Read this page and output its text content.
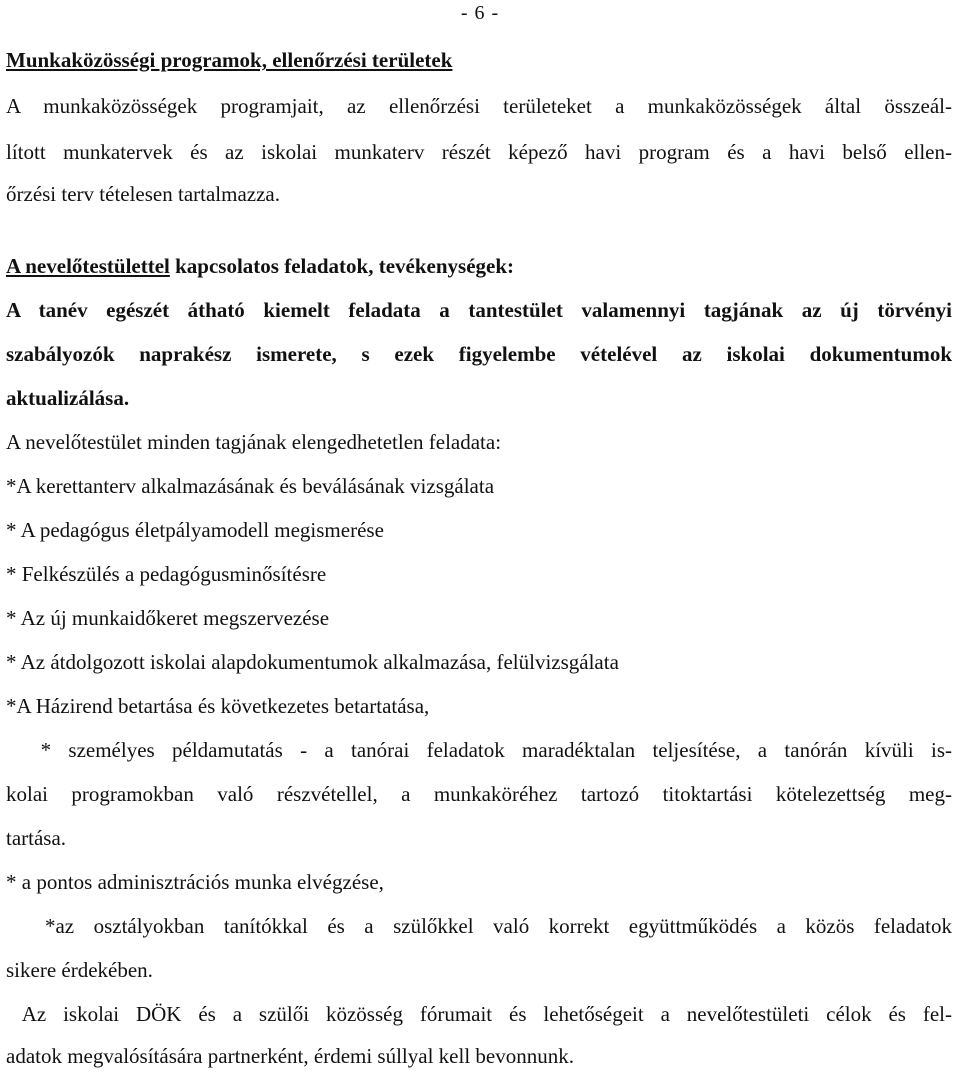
- 6 -
Munkaközösségi programok, ellenőrzési területek
A munkaközösségek programjait, az ellenőrzési területeket a munkaközösségek által összeál-
lított munkatervek és az iskolai munkaterv részét képező havi program és a havi belső ellen-
őrzési terv tételesen tartalmazza.
A nevelőtestülettel kapcsolatos feladatok, tevékenységek:
A tanév egészét átható kiemelt feladata a tantestület valamennyi tagjának az új törvényi
szabályozók naprakész ismerete, s ezek figyelembe vételével az iskolai dokumentumok
aktualizálása.
A nevelőtestület minden tagjának elengedhetetlen feladata:
*A kerettanterv alkalmazásának és beválásának vizsgálata
* A pedagógus életpályamodell megismerése
* Felkészülés a pedagógusminősítésre
* Az új munkaidőkeret megszervezése
* Az átdolgozott iskolai alapdokumentumok alkalmazása, felülvizsgálata
*A Házirend betartása és következetes betartatása,
* személyes példamutatás - a tanórai feladatok maradéktalan teljesítése, a tanórán kívüli is-
kolai programokban való részvétellel, a munkaköréhez tartozó titoktartási kötelezettség meg-
tartása.
* a pontos adminisztrációs munka elvégzése,
*az osztályokban tanítókkal és a szülőkkel való korrekt együttműködés a közös feladatok
sikere érdekében.
Az iskolai DÖK és a szülői közösség fórumait és lehetőségeit a nevelőtestületi célok és fel-
adatok megvalósítására partnerként, érdemi súllyal kell bevonnunk.
